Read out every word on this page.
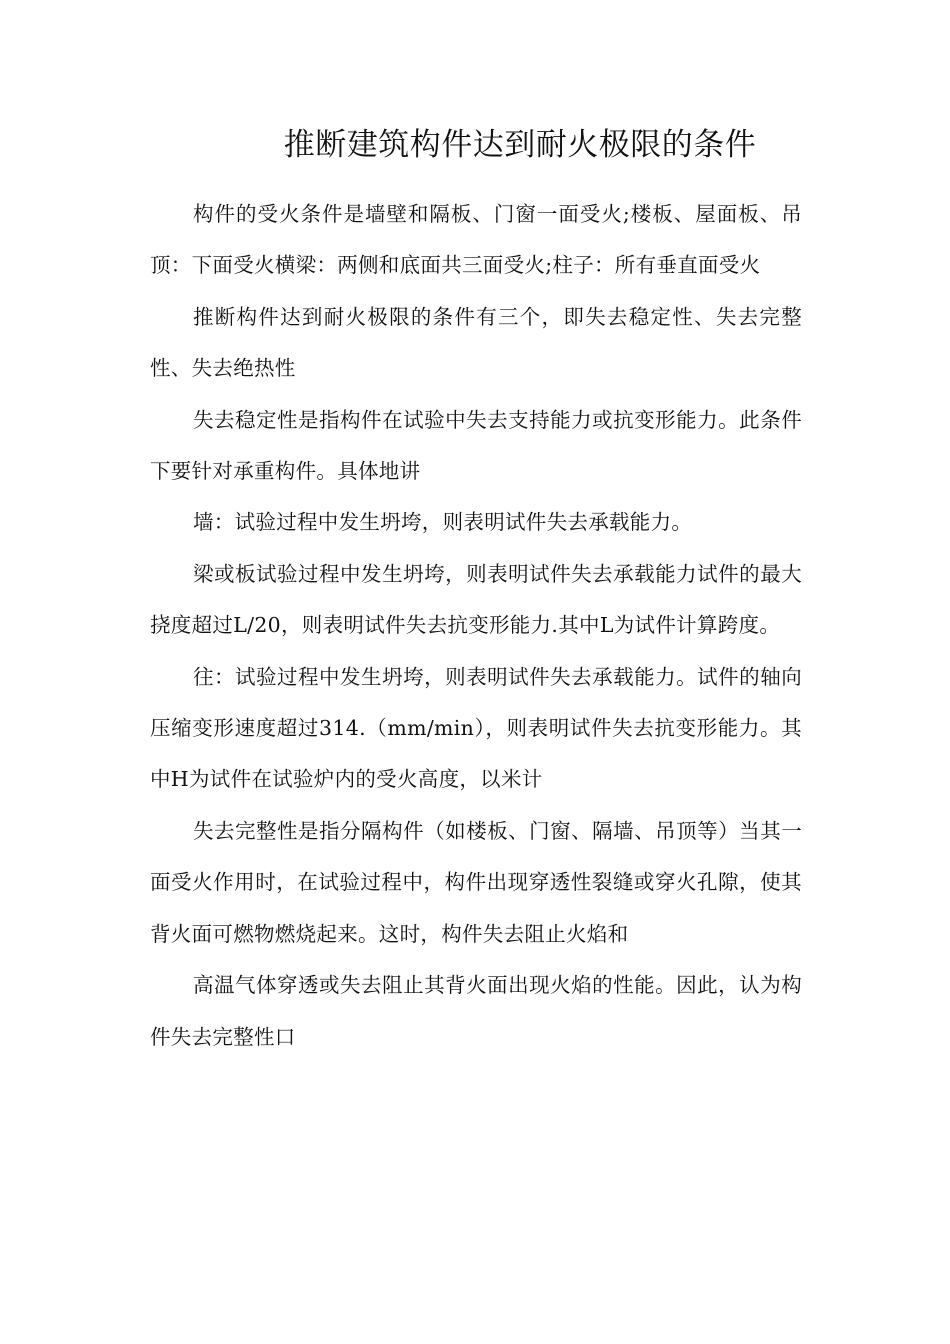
推断建筑构件达到耐火极限的条件

构件的受火条件是墙壁和隔板、门窗一面受火;楼板、屋面板、吊顶：下面受火横梁：两侧和底面共三面受火;柱子：所有垂直面受火

推断构件达到耐火极限的条件有三个，即失去稳定性、失去完整性、失去绝热性

失去稳定性是指构件在试验中失去支持能力或抗变形能力。此条件下要针对承重构件。具体地讲

墙：试验过程中发生坍垮，则表明试件失去承载能力。

梁或板试验过程中发生坍垮，则表明试件失去承载能力试件的最大挠度超过L/20，则表明试件失去抗变形能力.其中L为试件计算跨度。

往：试验过程中发生坍垮，则表明试件失去承载能力。试件的轴向压缩变形速度超过314.（mm/min），则表明试件失去抗变形能力。其中H为试件在试验炉内的受火高度，以米计

失去完整性是指分隔构件（如楼板、门窗、隔墙、吊顶等）当其一面受火作用时，在试验过程中，构件出现穿透性裂缝或穿火孔隙，使其背火面可燃物燃烧起来。这时，构件失去阻止火焰和

高温气体穿透或失去阻止其背火面出现火焰的性能。因此，认为构件失去完整性口
